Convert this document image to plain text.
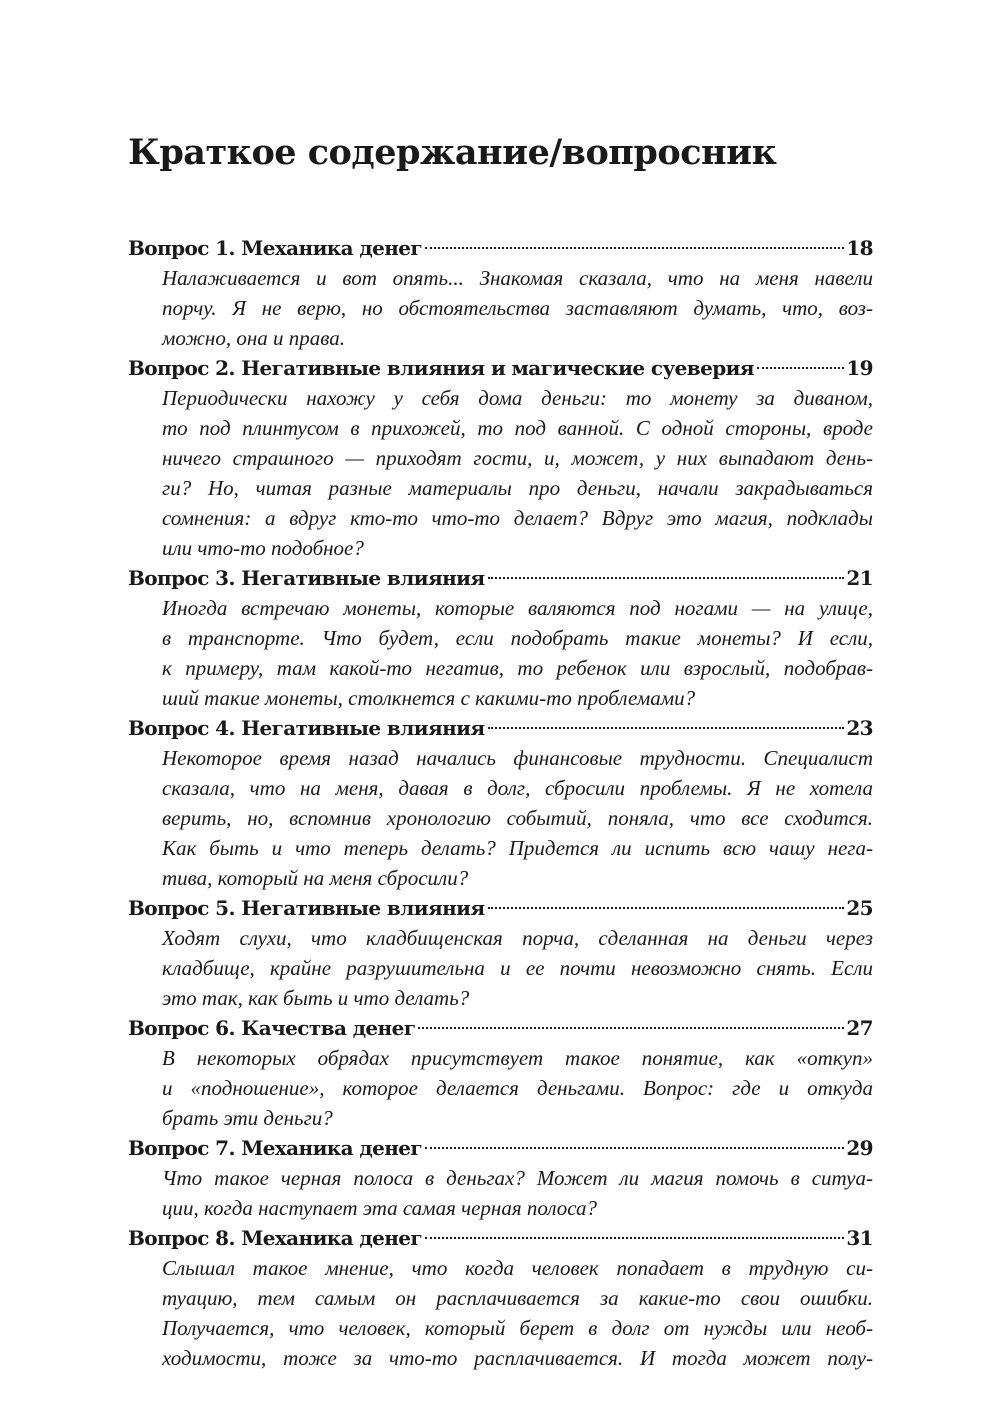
Краткое содержание/вопросник
Вопрос 1. Механика денег	18
Налаживается и вот опять... Знакомая сказала, что на меня навели
порчу. Я не верю, но обстоятельства заставляют думать, что, воз-
можно, она и права.
Вопрос 2. Негативные влияния и магические суеверия	19
Периодически нахожу у себя дома деньги: то монету за диваном,
то под плинтусом в прихожей, то под ванной. С одной стороны, вроде
ничего страшного — приходят гости, и, может, у них выпадают день-
ги? Но, читая разные материалы про деньги, начали закрадываться
сомнения: а вдруг кто-то что-то делает? Вдруг это магия, подклады
или что-то подобное?
Вопрос 3. Негативные влияния	21
Иногда встречаю монеты, которые валяются под ногами — на улице,
в транспорте. Что будет, если подобрать такие монеты? И если,
к примеру, там какой-то негатив, то ребенок или взрослый, подобрав-
ший такие монеты, столкнется с какими-то проблемами?
Вопрос 4. Негативные влияния	23
Некоторое время назад начались финансовые трудности. Специалист
сказала, что на меня, давая в долг, сбросили проблемы. Я не хотела
верить, но, вспомнив хронологию событий, поняла, что все сходится.
Как быть и что теперь делать? Придется ли испить всю чашу нега-
тива, который на меня сбросили?
Вопрос 5. Негативные влияния	25
Ходят слухи, что кладбищенская порча, сделанная на деньги через
кладбище, крайне разрушительна и ее почти невозможно снять. Если
это так, как быть и что делать?
Вопрос 6. Качества денег	27
В некоторых обрядах присутствует такое понятие, как «откуп»
и «подношение», которое делается деньгами. Вопрос: где и откуда
брать эти деньги?
Вопрос 7. Механика денег	29
Что такое черная полоса в деньгах? Может ли магия помочь в ситуа-
ции, когда наступает эта самая черная полоса?
Вопрос 8. Механика денег	31
Слышал такое мнение, что когда человек попадает в трудную си-
туацию, тем самым он расплачивается за какие-то свои ошибки.
Получается, что человек, который берет в долг от нужды или необ-
ходимости, тоже за что-то расплачивается. И тогда может полу-
